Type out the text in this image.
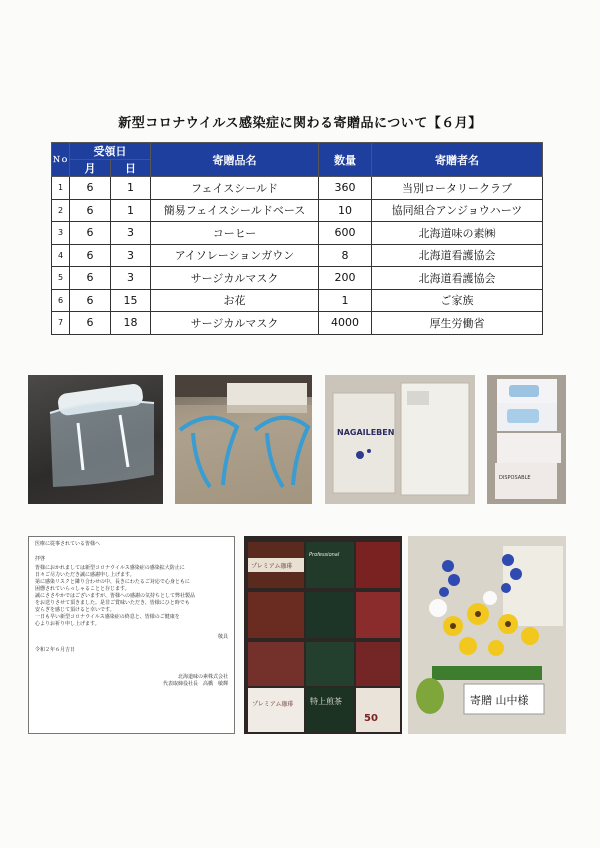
新型コロナウイルス感染症に関わる寄贈品について【６月】
Ｎｏ	受領日		寄贈品名	数量	寄贈者名
	月	日			
1	6	1	フェイスシールド	360	当別ロータリークラブ
2	6	1	簡易フェイスシールドベース	10	協同組合アンジョウハーツ
3	6	3	コーヒー	600	北海道味の素㈱
4	6	3	アイソレーションガウン	8	北海道看護協会
5	6	3	サージカルマスク	200	北海道看護協会
6	6	15	お花	1	ご家族
7	6	18	サージカルマスク	4000	厚生労働省
NAGAILEBEN
DISPOSABLE

医療に従事されている皆様へ

拝啓

皆様におかれましては新型コロナウイルス感染症の感染拡大防止に

日々ご尽力いただき誠に感謝申し上げます。

第に感染リスクと隣り合わせの中、長きにわたるご対応で心身ともに

困憊されていらっしゃることと存じます。

誠にささやかではございますが、皆様への感謝の気持ちとして弊社製品

をお送りさせて頂きました。是非ご賞味いただき、皆様にひと時でも

安らぎを感じて頂けると幸いです。

一日も早い新型コロナウイルス感染症の終息と、皆様のご健康を

心よりお祈り申し上げます。

敬具

令和２年６月吉日

北海道味の素株式会社

代表取締役社長　高橋　敏輝

プレミアム珈琲
Professional
プレミアム珈琲 特上煎茶
50
寄贈 山中様
